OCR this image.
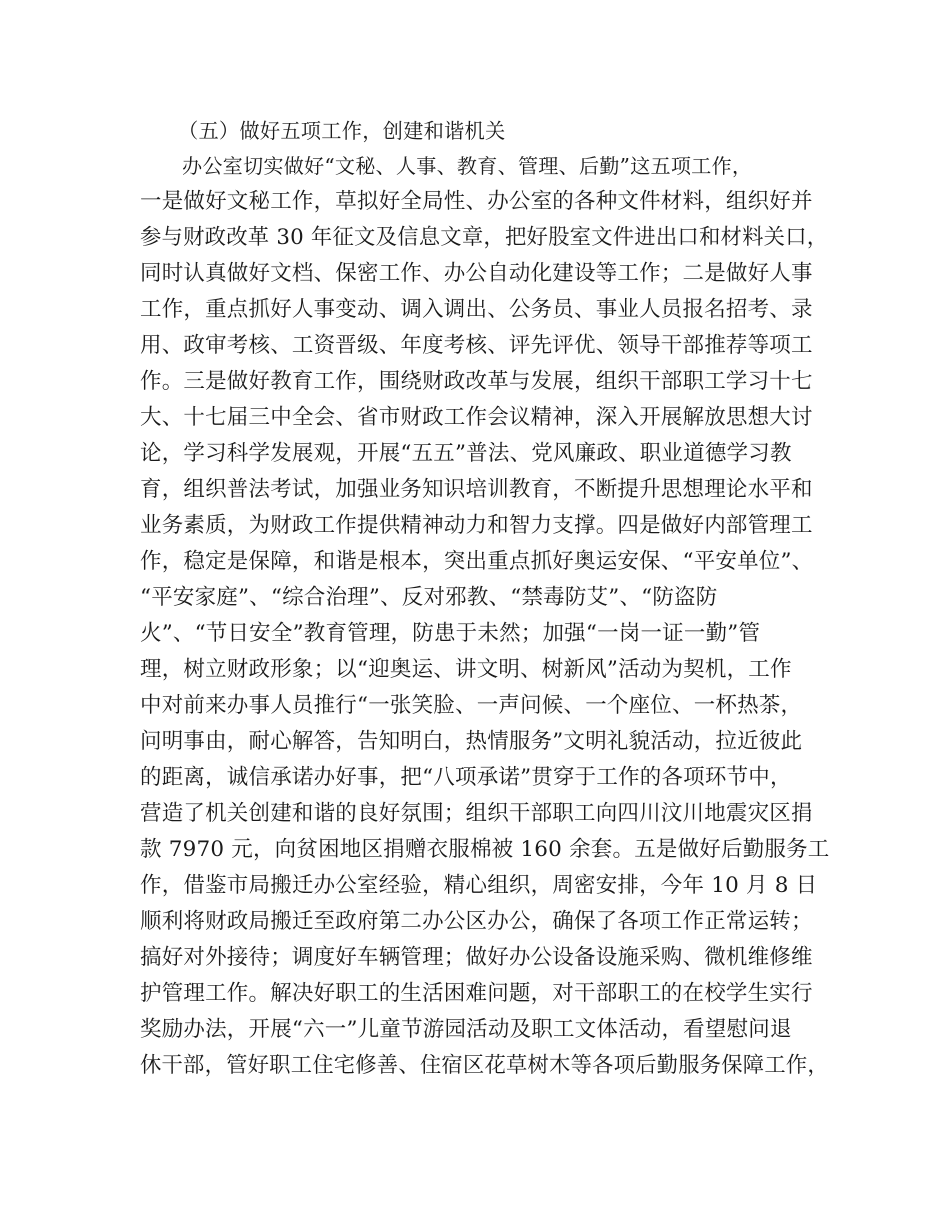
（五）做好五项工作，创建和谐机关
办公室切实做好“文秘、人事、教育、管理、后勤”这五项工作，
一是做好文秘工作，草拟好全局性、办公室的各种文件材料，组织好并
参与财政改革 30 年征文及信息文章，把好股室文件进出口和材料关口，
同时认真做好文档、保密工作、办公自动化建设等工作；二是做好人事
工作，重点抓好人事变动、调入调出、公务员、事业人员报名招考、录
用、政审考核、工资晋级、年度考核、评先评优、领导干部推荐等项工
作。三是做好教育工作，围绕财政改革与发展，组织干部职工学习十七
大、十七届三中全会、省市财政工作会议精神，深入开展解放思想大讨
论，学习科学发展观，开展“五五”普法、党风廉政、职业道德学习教
育，组织普法考试，加强业务知识培训教育，不断提升思想理论水平和
业务素质，为财政工作提供精神动力和智力支撑。四是做好内部管理工
作，稳定是保障，和谐是根本，突出重点抓好奥运安保、“平安单位”、
“平安家庭”、“综合治理”、反对邪教、“禁毒防艾”、“防盗防
火”、“节日安全”教育管理，防患于未然；加强“一岗一证一勤”管
理，树立财政形象；以“迎奥运、讲文明、树新风”活动为契机，工作
中对前来办事人员推行“一张笑脸、一声问候、一个座位、一杯热茶，
问明事由，耐心解答，告知明白，热情服务”文明礼貌活动，拉近彼此
的距离，诚信承诺办好事，把“八项承诺”贯穿于工作的各项环节中，
营造了机关创建和谐的良好氛围；组织干部职工向四川汶川地震灾区捐
款 7970 元，向贫困地区捐赠衣服棉被 160 余套。五是做好后勤服务工
作，借鉴市局搬迁办公室经验，精心组织，周密安排，今年 10 月 8 日
顺利将财政局搬迁至政府第二办公区办公，确保了各项工作正常运转；
搞好对外接待；调度好车辆管理；做好办公设备设施采购、微机维修维
护管理工作。解决好职工的生活困难问题，对干部职工的在校学生实行
奖励办法，开展“六一”儿童节游园活动及职工文体活动，看望慰问退
休干部，管好职工住宅修善、住宿区花草树木等各项后勤服务保障工作，
